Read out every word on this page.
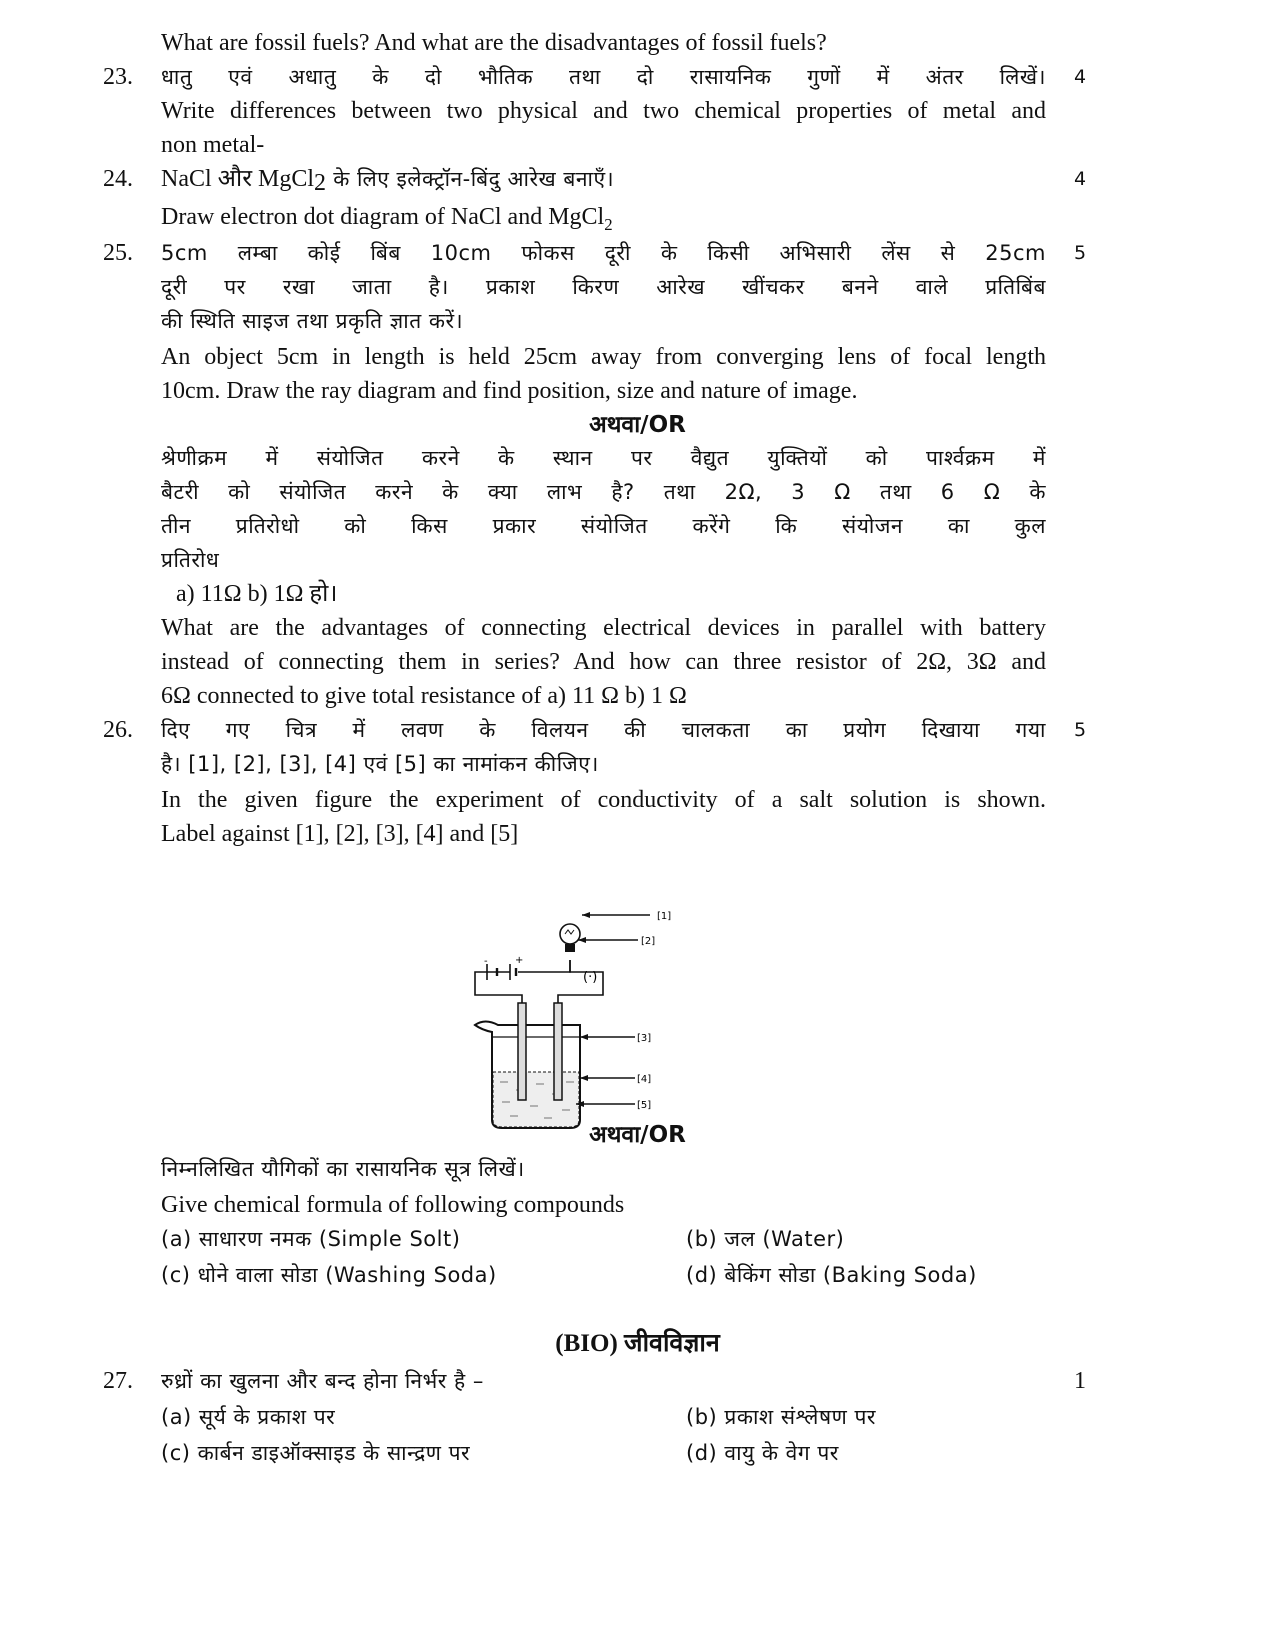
What are fossil fuels? And what are the disadvantages of fossil fuels?
23. धातु एवं अधातु के दो भौतिक तथा दो रासायनिक गुणों में अंतर लिखें। 4
Write differences between two physical and two chemical properties of metal and
non metal-
24. NaCl और MgCl$_2$ के लिए इलेक्ट्रॉन-बिंदु आरेख बनाएँ।	4
Draw electron dot diagram of NaCl and MgCl$_2$
25. 5cm लम्बा कोई बिंब 10cm फोकस दूरी के किसी अभिसारी लेंस से 25cm 5
दूरी पर रखा जाता है। प्रकाश किरण आरेख खींचकर बनने वाले प्रतिबिंब
की स्थिति साइज तथा प्रकृति ज्ञात करें।
An object 5cm in length is held 25cm away from converging lens of focal length
10cm. Draw the ray diagram and find position, size and nature of image.
अथवा/OR
श्रेणीक्रम में संयोजित करने के स्थान पर वैद्युत युक्तियों को पार्श्वक्रम में
बैटरी को संयोजित करने के क्या लाभ है? तथा 2Ω, 3 Ω तथा 6 Ω के
तीन प्रतिरोधो को किस प्रकार संयोजित करेंगे कि संयोजन का कुल
प्रतिरोध
a) 11Ω b) 1Ω हो।
What are the advantages of connecting electrical devices in parallel with battery
instead of connecting them in series? And how can three resistor of 2Ω, 3Ω and
6Ω connected to give total resistance of a) 11 Ω b) 1 Ω
26. दिए गए चित्र में लवण के विलयन की चालकता का प्रयोग दिखाया गया 5
है। [1], [2], [3], [4] एवं [5] का नामांकन कीजिए।
In the given figure the experiment of conductivity of a salt solution is shown.
Label against [1], [2], [3], [4] and [5]
-	+
(·)
[1]
[2]
[3]
[4]
[5]
अथवा/OR
निम्नलिखित यौगिकों का रासायनिक सूत्र लिखें।
Give chemical formula of following compounds
(a) साधारण नमक (Simple Solt)	(b) जल (Water)
(c) धोने वाला सोडा (Washing Soda)	(d) बेकिंग सोडा (Baking Soda)
(BIO) जीवविज्ञान
27. रुध्रों का खुलना और बन्द होना निर्भर है –	1
(a) सूर्य के प्रकाश पर	(b) प्रकाश संश्लेषण पर
(c) कार्बन डाइऑक्साइड के सान्द्रण पर	(d) वायु के वेग पर
